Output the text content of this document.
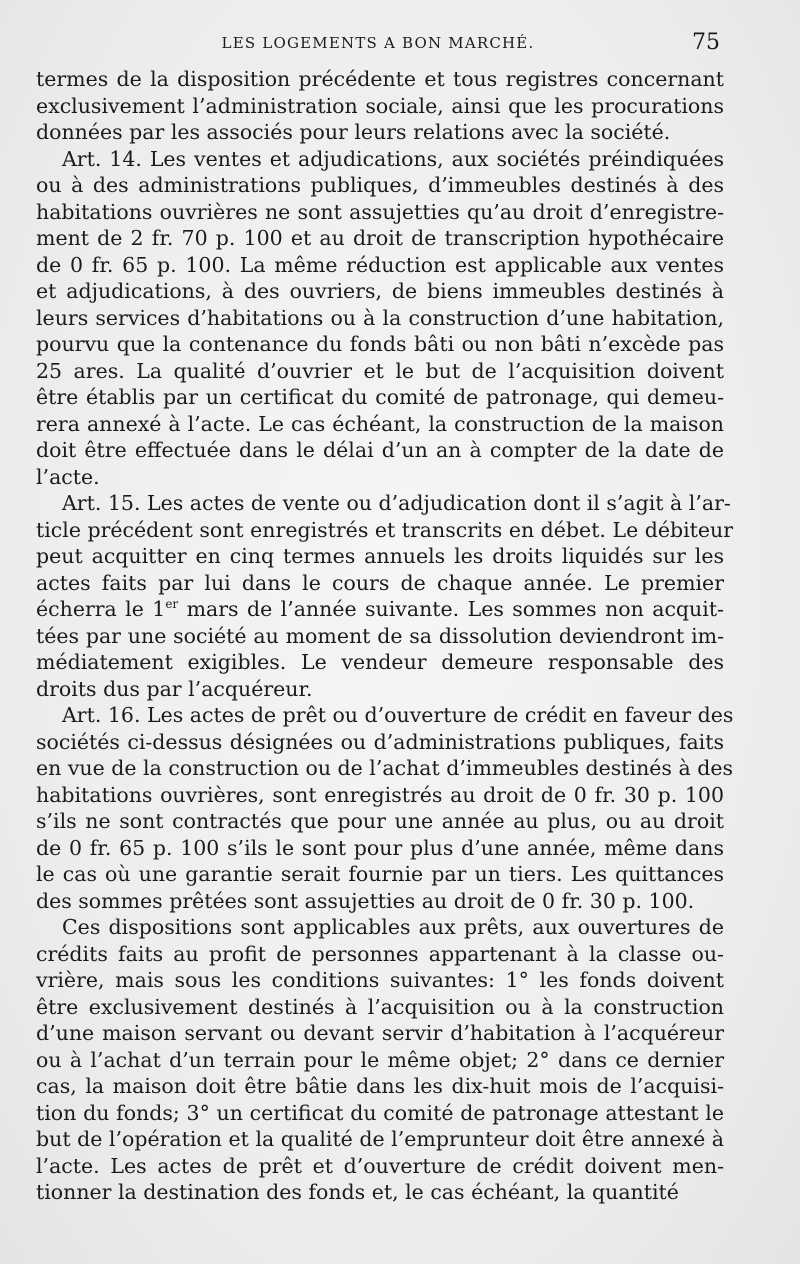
LES LOGEMENTS A BON MARCHÉ.	75
termes de la disposition précédente et tous registres concernant
exclusivement l’administration sociale, ainsi que les procurations
données par les associés pour leurs relations avec la société.
Art. 14. Les ventes et adjudications, aux sociétés préindiquées
ou à des administrations publiques, d’immeubles destinés à des
habitations ouvrières ne sont assujetties qu’au droit d’enregistre-
ment de 2 fr. 70 p. 100 et au droit de transcription hypothécaire
de 0 fr. 65 p. 100. La même réduction est applicable aux ventes
et adjudications, à des ouvriers, de biens immeubles destinés à
leurs services d’habitations ou à la construction d’une habitation,
pourvu que la contenance du fonds bâti ou non bâti n’excède pas
25 ares. La qualité d’ouvrier et le but de l’acquisition doivent
être établis par un certificat du comité de patronage, qui demeu-
rera annexé à l’acte. Le cas échéant, la construction de la maison
doit être effectuée dans le délai d’un an à compter de la date de
l’acte.
Art. 15. Les actes de vente ou d’adjudication dont il s’agit à l’ar-
ticle précédent sont enregistrés et transcrits en débet. Le débiteur
peut acquitter en cinq termes annuels les droits liquidés sur les
actes faits par lui dans le cours de chaque année. Le premier
écherra le 1er mars de l’année suivante. Les sommes non acquit-
tées par une société au moment de sa dissolution deviendront im-
médiatement exigibles. Le vendeur demeure responsable des
droits dus par l’acquéreur.
Art. 16. Les actes de prêt ou d’ouverture de crédit en faveur des
sociétés ci-dessus désignées ou d’administrations publiques, faits
en vue de la construction ou de l’achat d’immeubles destinés à des
habitations ouvrières, sont enregistrés au droit de 0 fr. 30 p. 100
s’ils ne sont contractés que pour une année au plus, ou au droit
de 0 fr. 65 p. 100 s’ils le sont pour plus d’une année, même dans
le cas où une garantie serait fournie par un tiers. Les quittances
des sommes prêtées sont assujetties au droit de 0 fr. 30 p. 100.
Ces dispositions sont applicables aux prêts, aux ouvertures de
crédits faits au profit de personnes appartenant à la classe ou-
vrière, mais sous les conditions suivantes: 1° les fonds doivent
être exclusivement destinés à l’acquisition ou à la construction
d’une maison servant ou devant servir d’habitation à l’acquéreur
ou à l’achat d’un terrain pour le même objet; 2° dans ce dernier
cas, la maison doit être bâtie dans les dix-huit mois de l’acquisi-
tion du fonds; 3° un certificat du comité de patronage attestant le
but de l’opération et la qualité de l’emprunteur doit être annexé à
l’acte. Les actes de prêt et d’ouverture de crédit doivent men-
tionner la destination des fonds et, le cas échéant, la quantité
